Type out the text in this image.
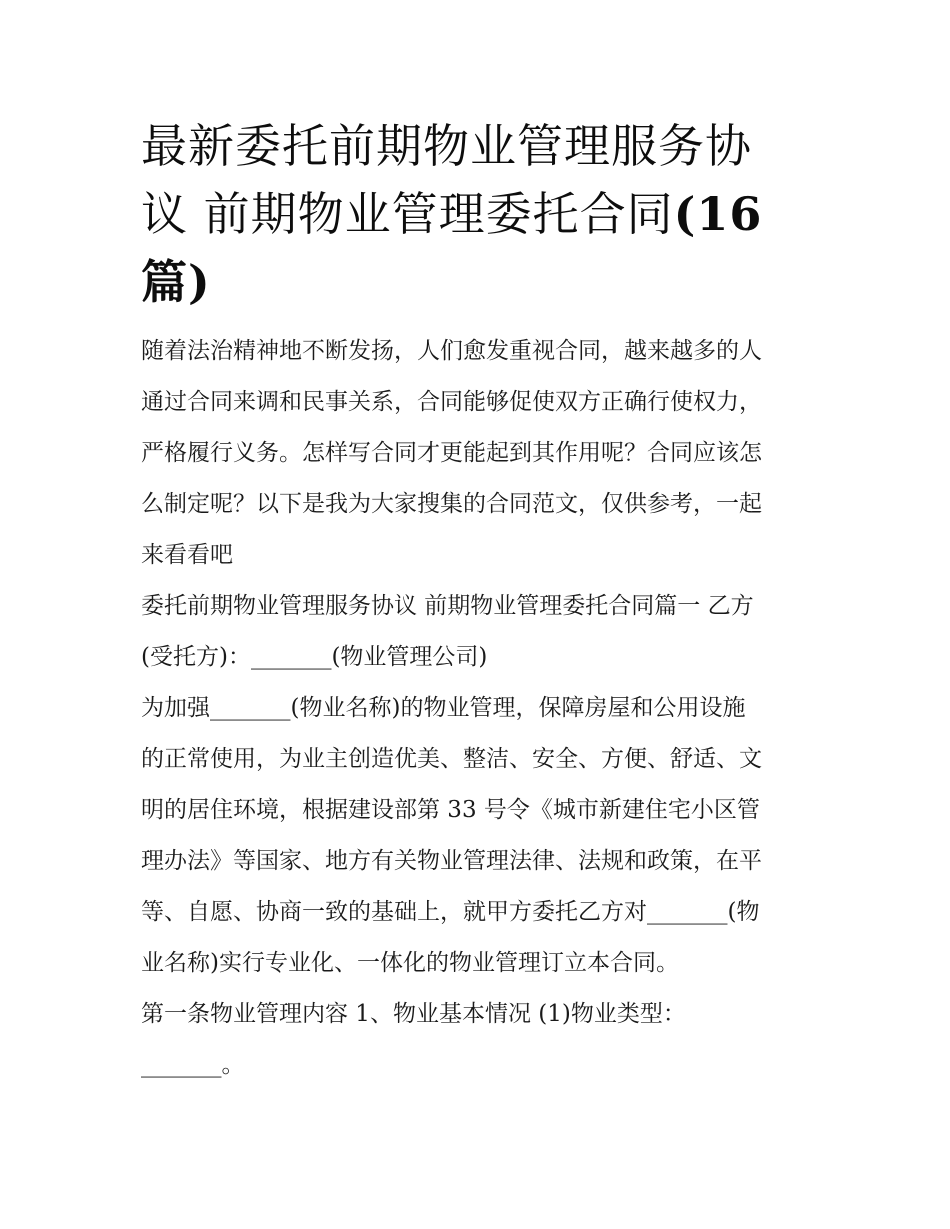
最新委托前期物业管理服务协
议 前期物业管理委托合同(16
篇)

随着法治精神地不断发扬，人们愈发重视合同，越来越多的人
通过合同来调和民事关系，合同能够促使双方正确行使权力，
严格履行义务。怎样写合同才更能起到其作用呢？合同应该怎
么制定呢？以下是我为大家搜集的合同范文，仅供参考，一起
来看看吧

委托前期物业管理服务协议 前期物业管理委托合同篇一 乙方
(受托方)：_______(物业管理公司)

为加强_______(物业名称)的物业管理，保障房屋和公用设施
的正常使用，为业主创造优美、整洁、安全、方便、舒适、文
明的居住环境，根据建设部第 33 号令《城市新建住宅小区管
理办法》等国家、地方有关物业管理法律、法规和政策，在平
等、自愿、协商一致的基础上，就甲方委托乙方对_______(物
业名称)实行专业化、一体化的物业管理订立本合同。

第一条物业管理内容 1、物业基本情况 (1)物业类型：
_______。
